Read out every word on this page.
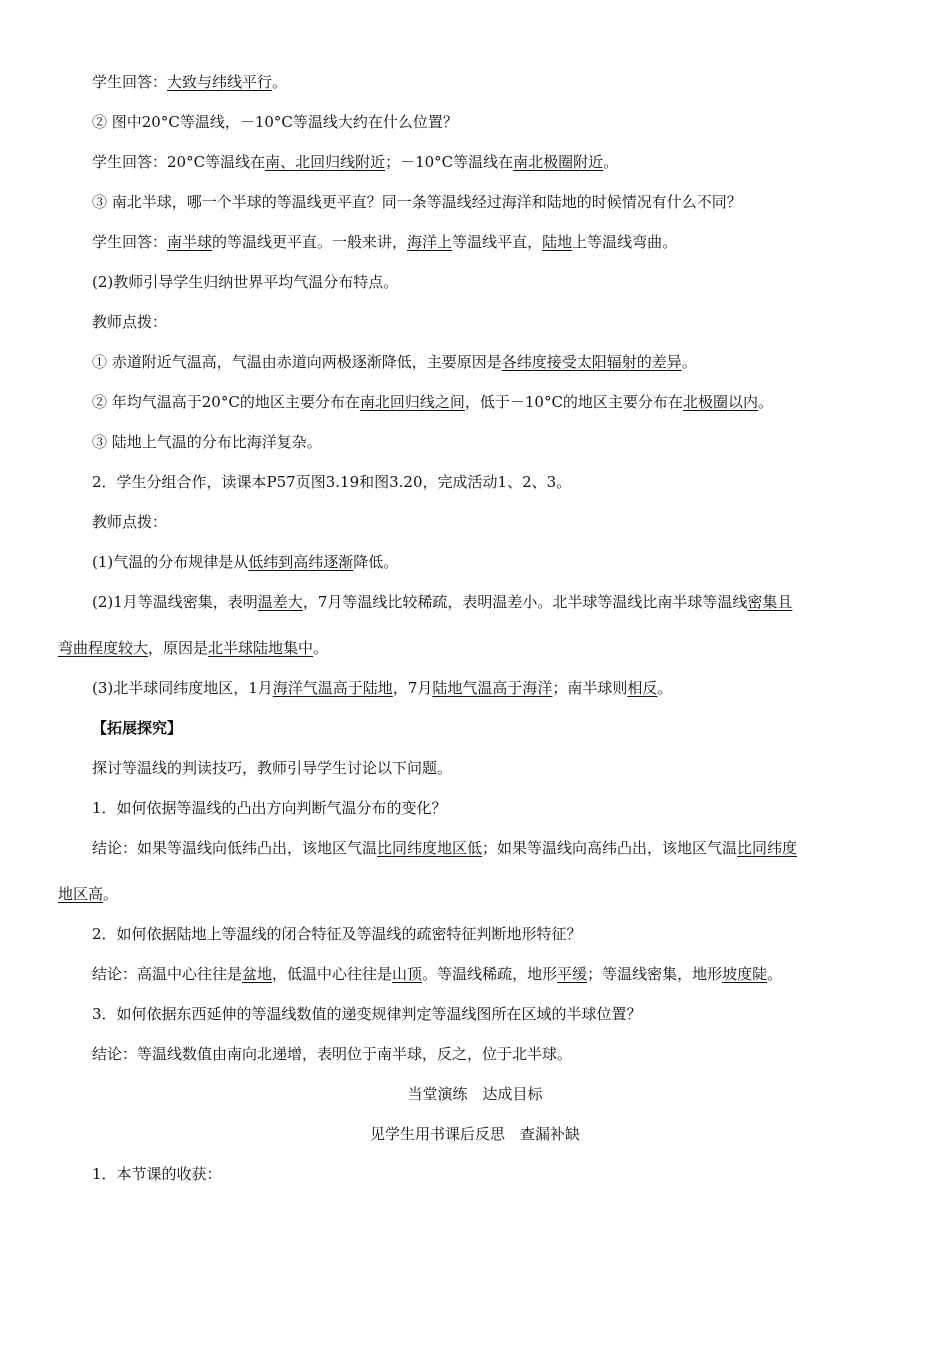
学生回答：大致与纬线平行。
② 图中20°C等温线，－10°C等温线大约在什么位置？
学生回答：20°C等温线在南、北回归线附近；－10°C等温线在南北极圈附近。
③ 南北半球，哪一个半球的等温线更平直？同一条等温线经过海洋和陆地的时候情况有什么不同？
学生回答：南半球的等温线更平直。一般来讲，海洋上等温线平直，陆地上等温线弯曲。
(2)教师引导学生归纳世界平均气温分布特点。
教师点拨：
① 赤道附近气温高，气温由赤道向两极逐渐降低，主要原因是各纬度接受太阳辐射的差异。
② 年均气温高于20°C的地区主要分布在南北回归线之间，低于－10°C的地区主要分布在北极圈以内。
③ 陆地上气温的分布比海洋复杂。
2．学生分组合作，读课本P57页图3.19和图3.20，完成活动1、2、3。
教师点拨：
(1)气温的分布规律是从低纬到高纬逐渐降低。
(2)1月等温线密集，表明温差大，7月等温线比较稀疏，表明温差小。北半球等温线比南半球等温线密集且
弯曲程度较大，原因是北半球陆地集中。
(3)北半球同纬度地区，1月海洋气温高于陆地，7月陆地气温高于海洋；南半球则相反。
【拓展探究】
探讨等温线的判读技巧，教师引导学生讨论以下问题。
1．如何依据等温线的凸出方向判断气温分布的变化？
结论：如果等温线向低纬凸出，该地区气温比同纬度地区低；如果等温线向高纬凸出，该地区气温比同纬度
地区高。
2．如何依据陆地上等温线的闭合特征及等温线的疏密特征判断地形特征？
结论：高温中心往往是盆地，低温中心往往是山顶。等温线稀疏，地形平缓；等温线密集，地形坡度陡。
3．如何依据东西延伸的等温线数值的递变规律判定等温线图所在区域的半球位置？
结论：等温线数值由南向北递增，表明位于南半球，反之，位于北半球。
当堂演练　达成目标
见学生用书课后反思　查漏补缺
1．本节课的收获：
